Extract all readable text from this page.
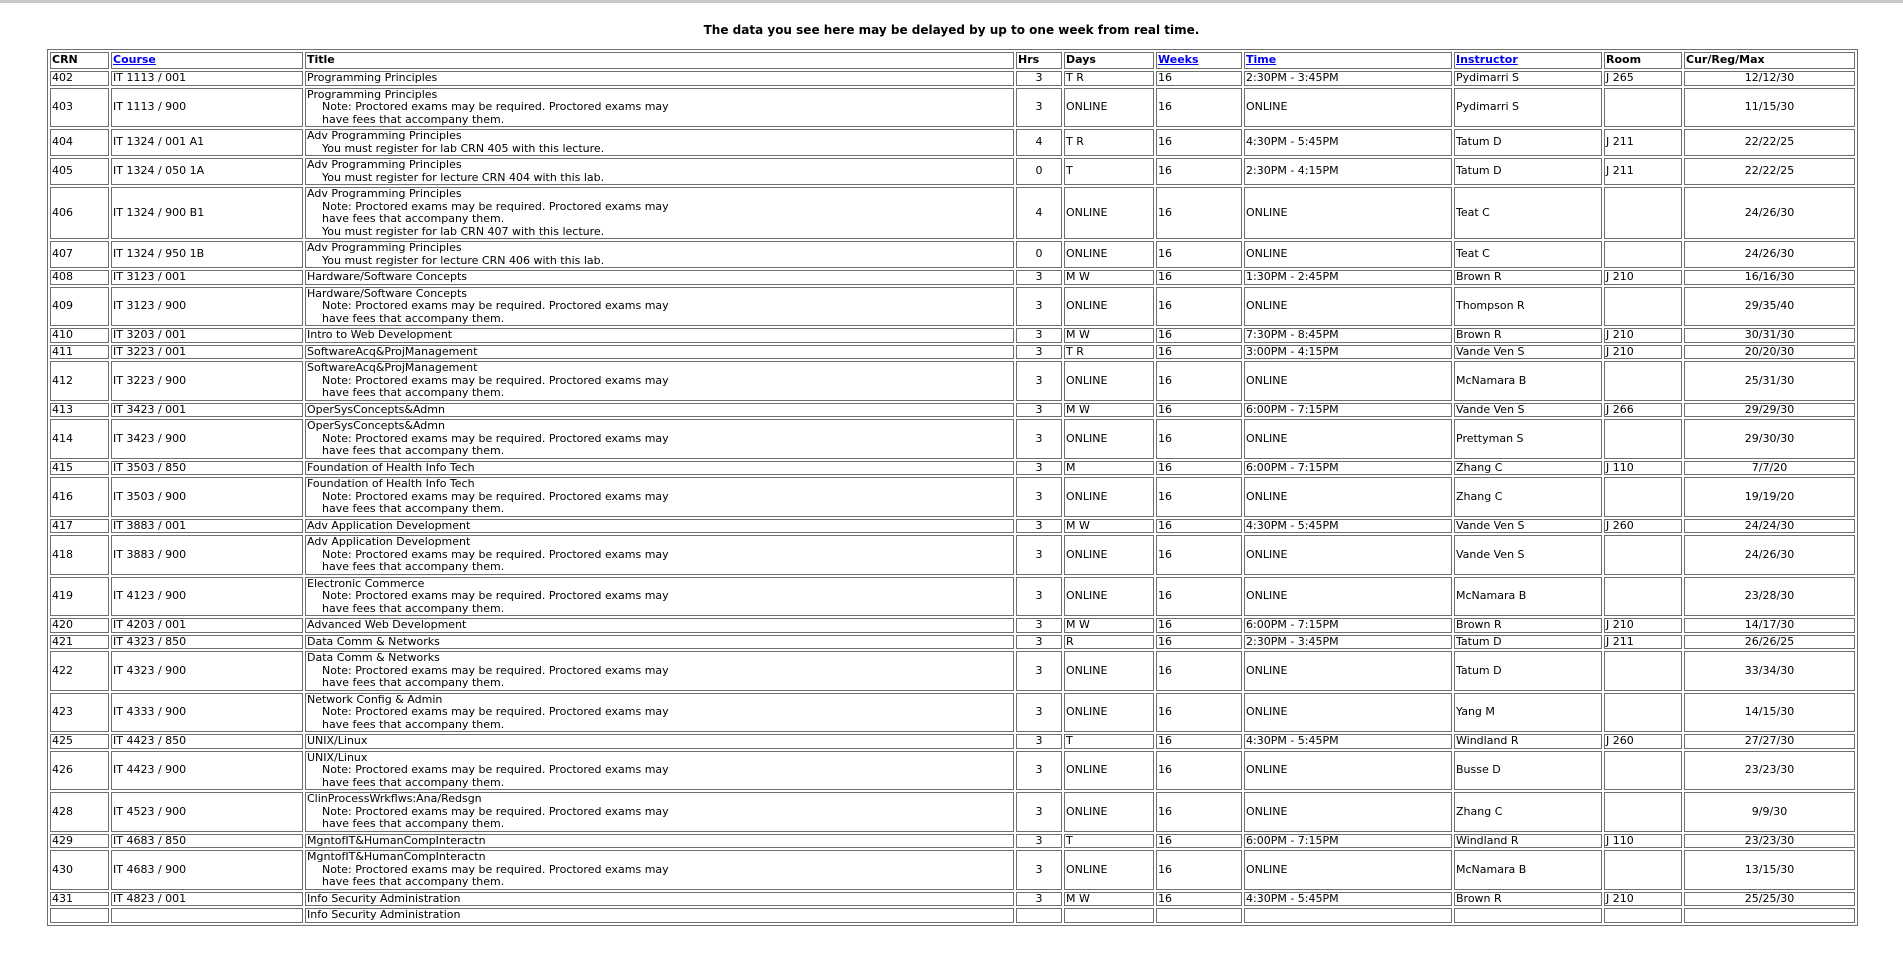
The data you see here may be delayed by up to one week from real time.
CRN	Course	Title	Hrs	Days	Weeks	Time	Instructor	Room	Cur/Reg/Max
402	IT 1113 / 001	Programming Principles	3	T R	16	2:30PM - 3:45PM	Pydimarri S	J 265	12/12/30
403	IT 1113 / 900	Programming Principles
Note: Proctored exams may be required. Proctored exams may
have fees that accompany them.	3	ONLINE	16	ONLINE	Pydimarri S		11/15/30
404	IT 1324 / 001 A1	Adv Programming Principles
You must register for lab CRN 405 with this lecture.	4	T R	16	4:30PM - 5:45PM	Tatum D	J 211	22/22/25
405	IT 1324 / 050 1A	Adv Programming Principles
You must register for lecture CRN 404 with this lab.	0	T	16	2:30PM - 4:15PM	Tatum D	J 211	22/22/25
406	IT 1324 / 900 B1	Adv Programming Principles
Note: Proctored exams may be required. Proctored exams may
have fees that accompany them.
You must register for lab CRN 407 with this lecture.	4	ONLINE	16	ONLINE	Teat C		24/26/30
407	IT 1324 / 950 1B	Adv Programming Principles
You must register for lecture CRN 406 with this lab.	0	ONLINE	16	ONLINE	Teat C		24/26/30
408	IT 3123 / 001	Hardware/Software Concepts	3	M W	16	1:30PM - 2:45PM	Brown R	J 210	16/16/30
409	IT 3123 / 900	Hardware/Software Concepts
Note: Proctored exams may be required. Proctored exams may
have fees that accompany them.	3	ONLINE	16	ONLINE	Thompson R		29/35/40
410	IT 3203 / 001	Intro to Web Development	3	M W	16	7:30PM - 8:45PM	Brown R	J 210	30/31/30
411	IT 3223 / 001	SoftwareAcq&ProjManagement	3	T R	16	3:00PM - 4:15PM	Vande Ven S	J 210	20/20/30
412	IT 3223 / 900	SoftwareAcq&ProjManagement
Note: Proctored exams may be required. Proctored exams may
have fees that accompany them.	3	ONLINE	16	ONLINE	McNamara B		25/31/30
413	IT 3423 / 001	OperSysConcepts&Admn	3	M W	16	6:00PM - 7:15PM	Vande Ven S	J 266	29/29/30
414	IT 3423 / 900	OperSysConcepts&Admn
Note: Proctored exams may be required. Proctored exams may
have fees that accompany them.	3	ONLINE	16	ONLINE	Prettyman S		29/30/30
415	IT 3503 / 850	Foundation of Health Info Tech	3	M	16	6:00PM - 7:15PM	Zhang C	J 110	7/7/20
416	IT 3503 / 900	Foundation of Health Info Tech
Note: Proctored exams may be required. Proctored exams may
have fees that accompany them.	3	ONLINE	16	ONLINE	Zhang C		19/19/20
417	IT 3883 / 001	Adv Application Development	3	M W	16	4:30PM - 5:45PM	Vande Ven S	J 260	24/24/30
418	IT 3883 / 900	Adv Application Development
Note: Proctored exams may be required. Proctored exams may
have fees that accompany them.	3	ONLINE	16	ONLINE	Vande Ven S		24/26/30
419	IT 4123 / 900	Electronic Commerce
Note: Proctored exams may be required. Proctored exams may
have fees that accompany them.	3	ONLINE	16	ONLINE	McNamara B		23/28/30
420	IT 4203 / 001	Advanced Web Development	3	M W	16	6:00PM - 7:15PM	Brown R	J 210	14/17/30
421	IT 4323 / 850	Data Comm & Networks	3	R	16	2:30PM - 3:45PM	Tatum D	J 211	26/26/25
422	IT 4323 / 900	Data Comm & Networks
Note: Proctored exams may be required. Proctored exams may
have fees that accompany them.	3	ONLINE	16	ONLINE	Tatum D		33/34/30
423	IT 4333 / 900	Network Config & Admin
Note: Proctored exams may be required. Proctored exams may
have fees that accompany them.	3	ONLINE	16	ONLINE	Yang M		14/15/30
425	IT 4423 / 850	UNIX/Linux	3	T	16	4:30PM - 5:45PM	Windland R	J 260	27/27/30
426	IT 4423 / 900	UNIX/Linux
Note: Proctored exams may be required. Proctored exams may
have fees that accompany them.	3	ONLINE	16	ONLINE	Busse D		23/23/30
428	IT 4523 / 900	ClinProcessWrkflws:Ana/Redsgn
Note: Proctored exams may be required. Proctored exams may
have fees that accompany them.	3	ONLINE	16	ONLINE	Zhang C		9/9/30
429	IT 4683 / 850	MgntofIT&HumanCompInteractn	3	T	16	6:00PM - 7:15PM	Windland R	J 110	23/23/30
430	IT 4683 / 900	MgntofIT&HumanCompInteractn
Note: Proctored exams may be required. Proctored exams may
have fees that accompany them.	3	ONLINE	16	ONLINE	McNamara B		13/15/30
431	IT 4823 / 001	Info Security Administration	3	M W	16	4:30PM - 5:45PM	Brown R	J 210	25/25/30

		Info Security Administration							
